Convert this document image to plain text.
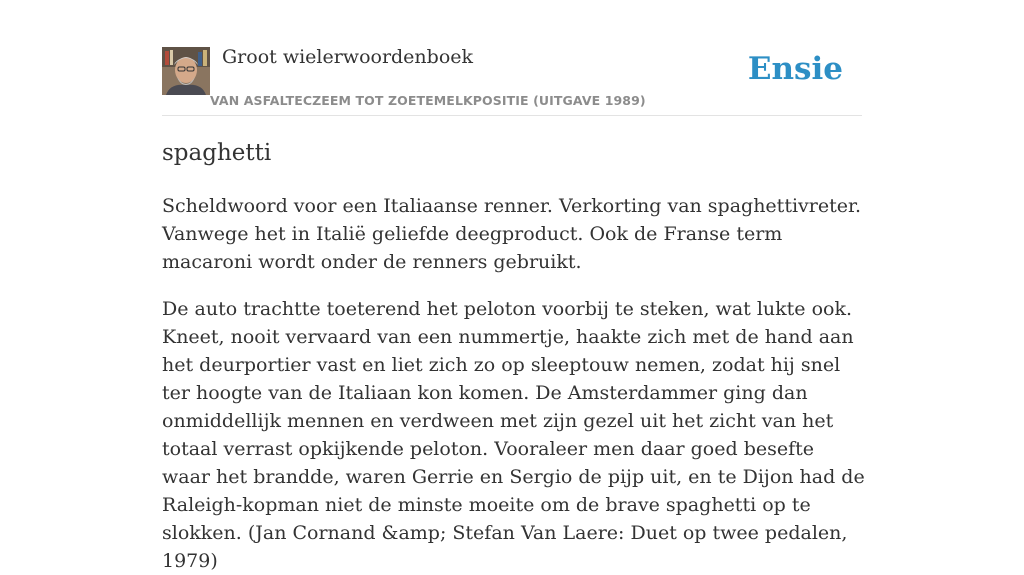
Groot wielerwoordenboek
VAN ASFALTECZEEM TOT ZOETEMELKPOSITIE (UITGAVE 1989)
Ensie
spaghetti

Scheldwoord voor een Italiaanse renner. Verkorting van spaghettivreter. Vanwege het in Italië geliefde deegproduct. Ook de Franse term macaroni wordt onder de renners gebruikt.

De auto trachtte toeterend het peloton voorbij te steken, wat lukte ook. Kneet, nooit vervaard van een nummertje, haakte zich met de hand aan het deurportier vast en liet zich zo op sleeptouw nemen, zodat hij snel ter hoogte van de Italiaan kon komen. De Amsterdammer ging dan onmiddellijk mennen en verdween met zijn gezel uit het zicht van het totaal verrast opkijkende peloton. Vooraleer men daar goed besefte waar het brandde, waren Gerrie en Sergio de pijp uit, en te Dijon had de Raleigh-kopman niet de minste moeite om de brave spaghetti op te slokken. (Jan Cornand &amp; Stefan Van Laere: Duet op twee pedalen, 1979)
